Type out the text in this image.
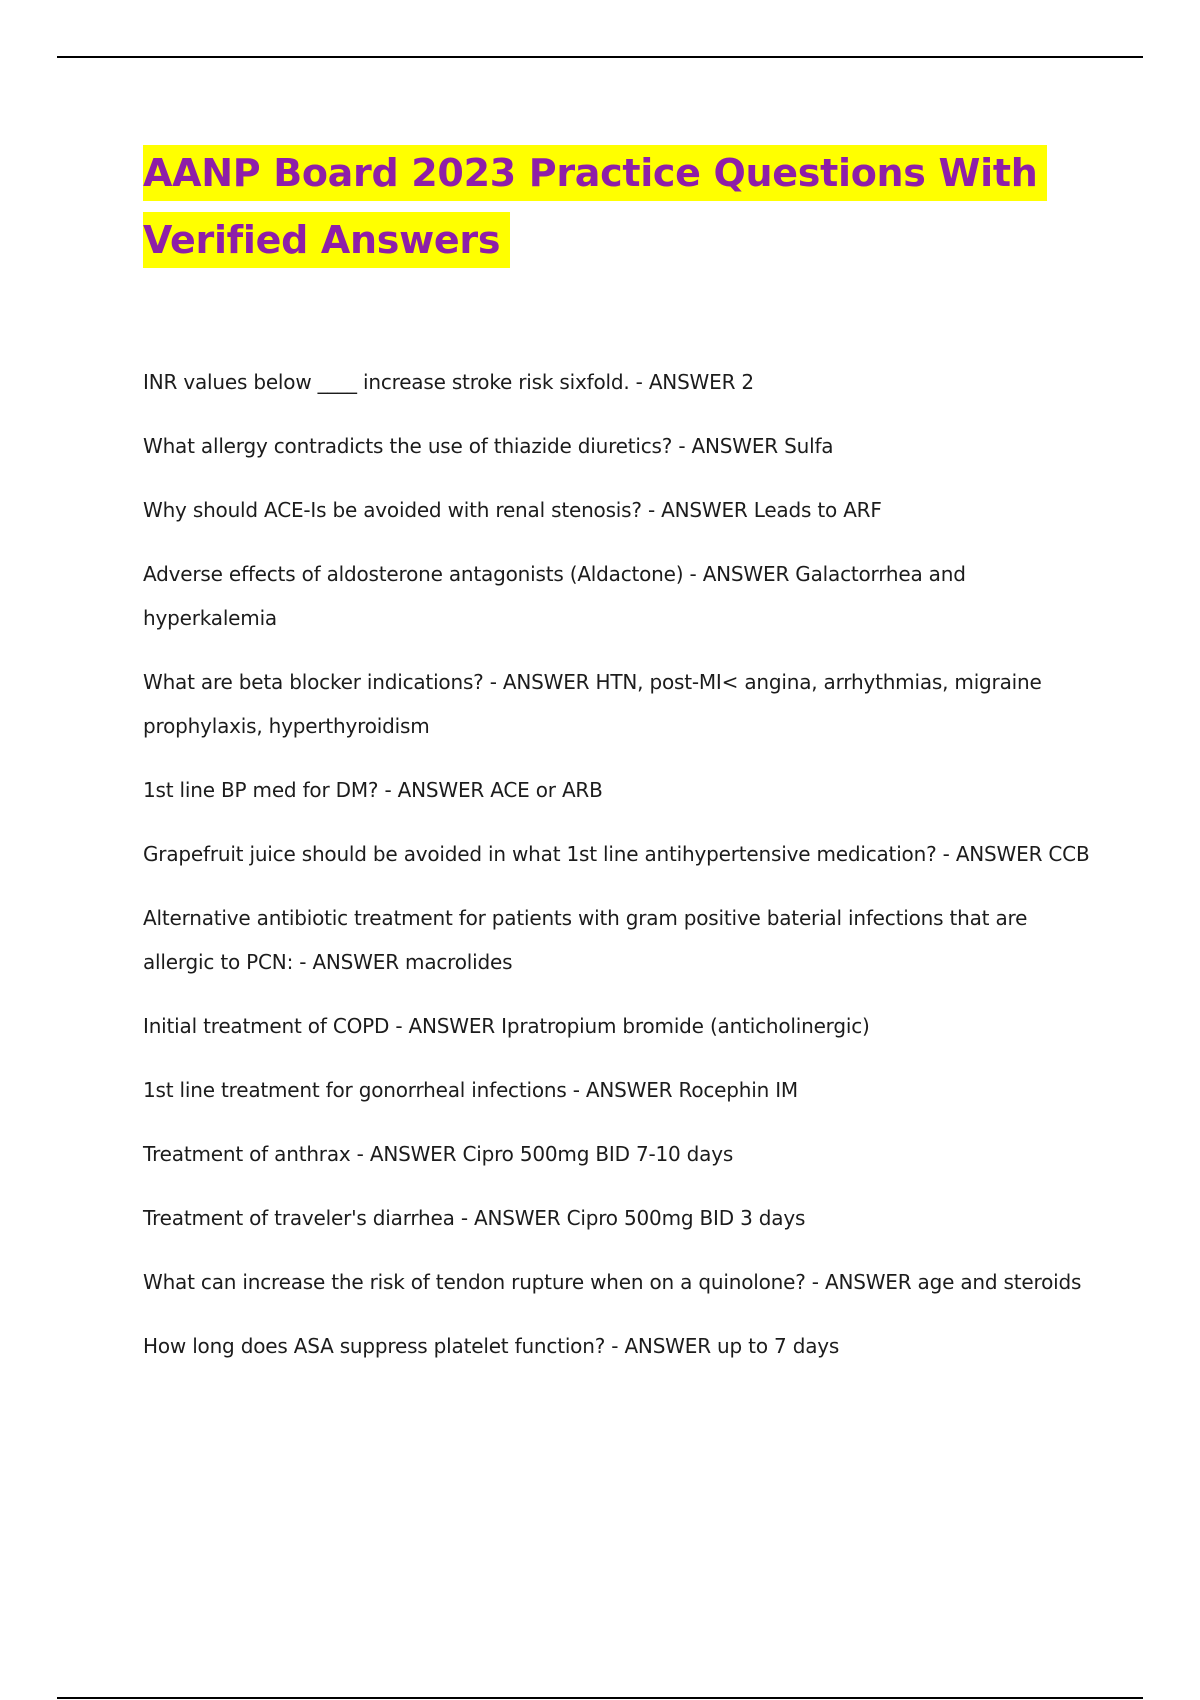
AANP Board 2023 Practice Questions With Verified Answers
INR values below ____ increase stroke risk sixfold. - ANSWER 2
What allergy contradicts the use of thiazide diuretics? - ANSWER Sulfa
Why should ACE-Is be avoided with renal stenosis? - ANSWER Leads to ARF
Adverse effects of aldosterone antagonists (Aldactone) - ANSWER Galactorrhea and hyperkalemia
What are beta blocker indications? - ANSWER HTN, post-MI< angina, arrhythmias, migraine prophylaxis, hyperthyroidism
1st line BP med for DM? - ANSWER ACE or ARB
Grapefruit juice should be avoided in what 1st line antihypertensive medication? - ANSWER CCB
Alternative antibiotic treatment for patients with gram positive baterial infections that are allergic to PCN: - ANSWER macrolides
Initial treatment of COPD - ANSWER Ipratropium bromide (anticholinergic)
1st line treatment for gonorrheal infections - ANSWER Rocephin IM
Treatment of anthrax - ANSWER Cipro 500mg BID 7-10 days
Treatment of traveler's diarrhea - ANSWER Cipro 500mg BID 3 days
What can increase the risk of tendon rupture when on a quinolone? - ANSWER age and steroids
How long does ASA suppress platelet function? - ANSWER up to 7 days
